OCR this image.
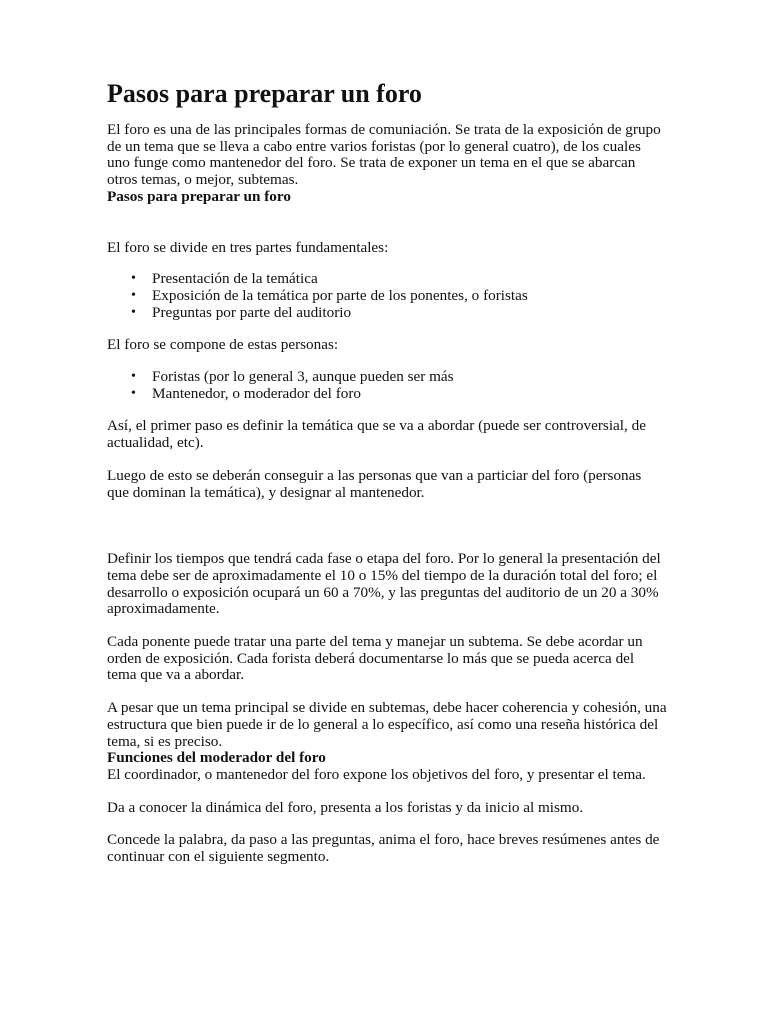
Pasos para preparar un foro

El foro es una de las principales formas de comuniación. Se trata de la exposición de grupo de un tema que se lleva a cabo entre varios foristas (por lo general cuatro), de los cuales uno funge como mantenedor del foro. Se trata de exponer un tema en el que se abarcan otros temas, o mejor, subtemas.

Pasos para preparar un foro

El foro se divide en tres partes fundamentales:

• Presentación de la temática
• Exposición de la temática por parte de los ponentes, o foristas
• Preguntas por parte del auditorio

El foro se compone de estas personas:

• Foristas (por lo general 3, aunque pueden ser más
• Mantenedor, o moderador del foro

Así, el primer paso es definir la temática que se va a abordar (puede ser controversial, de actualidad, etc).

Luego de esto se deberán conseguir a las personas que van a particiar del foro (personas que dominan la temática), y designar al mantenedor.

Definir los tiempos que tendrá cada fase o etapa del foro. Por lo general la presentación del tema debe ser de aproximadamente el 10 o 15% del tiempo de la duración total del foro; el desarrollo o exposición ocupará un 60 a 70%, y las preguntas del auditorio de un 20 a 30% aproximadamente.

Cada ponente puede tratar una parte del tema y manejar un subtema. Se debe acordar un orden de exposición. Cada forista deberá documentarse lo más que se pueda acerca del tema que va a abordar.

A pesar que un tema principal se divide en subtemas, debe hacer coherencia y cohesión, una estructura que bien puede ir de lo general a lo específico, así como una reseña histórica del tema, si es preciso.

Funciones del moderador del foro

El coordinador, o mantenedor del foro expone los objetivos del foro, y presentar el tema.

Da a conocer la dinámica del foro, presenta a los foristas y da inicio al mismo.

Concede la palabra, da paso a las preguntas, anima el foro, hace breves resúmenes antes de continuar con el siguiente segmento.
